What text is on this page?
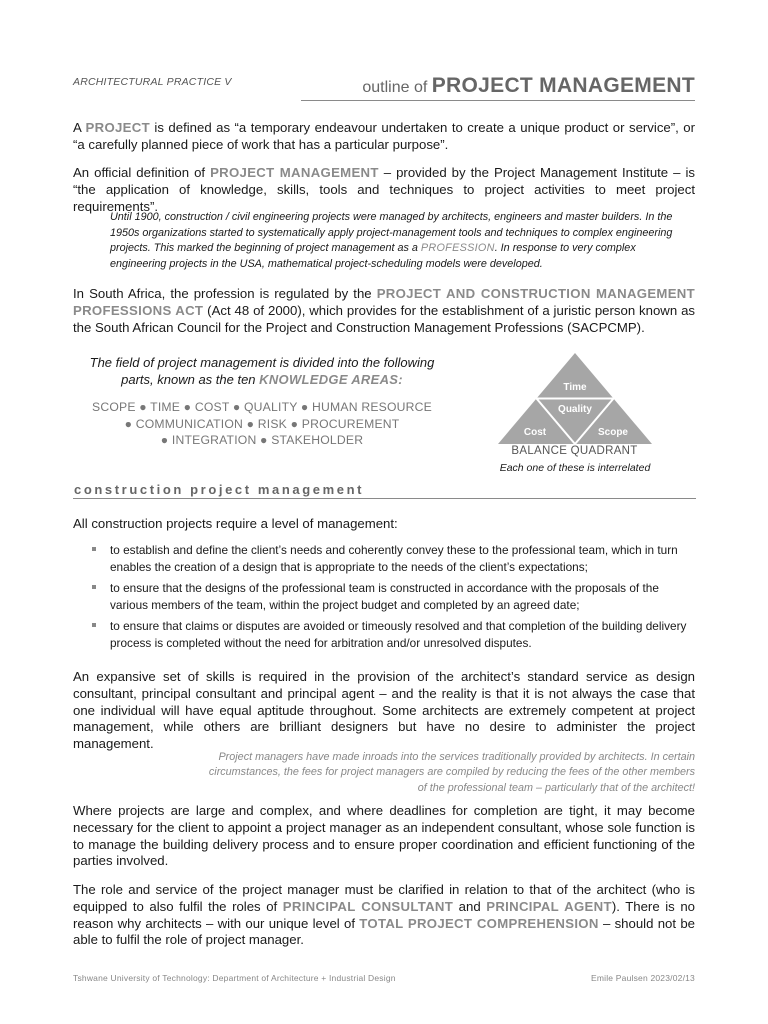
ARCHITECTURAL PRACTICE V	outline of PROJECT MANAGEMENT
A PROJECT is defined as “a temporary endeavour undertaken to create a unique product or service”, or “a carefully planned piece of work that has a particular purpose”.
An official definition of PROJECT MANAGEMENT – provided by the Project Management Institute – is “the application of knowledge, skills, tools and techniques to project activities to meet project requirements”.
Until 1900, construction / civil engineering projects were managed by architects, engineers and master builders. In the 1950s organizations started to systematically apply project-management tools and techniques to complex engineering projects. This marked the beginning of project management as a PROFESSION. In response to very complex engineering projects in the USA, mathematical project-scheduling models were developed.
In South Africa, the profession is regulated by the PROJECT AND CONSTRUCTION MANAGEMENT PROFESSIONS ACT (Act 48 of 2000), which provides for the establishment of a juristic person known as the South African Council for the Project and Construction Management Professions (SACPCMP).
The field of project management is divided into the following parts, known as the ten KNOWLEDGE AREAS:
SCOPE ● TIME ● COST ● QUALITY ● HUMAN RESOURCE
● COMMUNICATION ● RISK ● PROCUREMENT
● INTEGRATION ● STAKEHOLDER
Time
Quality
Cost	Scope
BALANCE QUADRANT
Each one of these is interrelated
construction project management
All construction projects require a level of management:
to establish and define the client’s needs and coherently convey these to the professional team, which in turn enables the creation of a design that is appropriate to the needs of the client’s expectations;
to ensure that the designs of the professional team is constructed in accordance with the proposals of the various members of the team, within the project budget and completed by an agreed date;
to ensure that claims or disputes are avoided or timeously resolved and that completion of the building delivery process is completed without the need for arbitration and/or unresolved disputes.
An expansive set of skills is required in the provision of the architect’s standard service as design consultant, principal consultant and principal agent – and the reality is that it is not always the case that one individual will have equal aptitude throughout. Some architects are extremely competent at project management, while others are brilliant designers but have no desire to administer the project management.
Project managers have made inroads into the services traditionally provided by architects. In certain circumstances, the fees for project managers are compiled by reducing the fees of the other members of the professional team – particularly that of the architect!
Where projects are large and complex, and where deadlines for completion are tight, it may become necessary for the client to appoint a project manager as an independent consultant, whose sole function is to manage the building delivery process and to ensure proper coordination and efficient functioning of the parties involved.
The role and service of the project manager must be clarified in relation to that of the architect (who is equipped to also fulfil the roles of PRINCIPAL CONSULTANT and PRINCIPAL AGENT). There is no reason why architects – with our unique level of TOTAL PROJECT COMPREHENSION – should not be able to fulfil the role of project manager.
Tshwane University of Technology: Department of Architecture + Industrial Design	Emile Paulsen 2023/02/13
